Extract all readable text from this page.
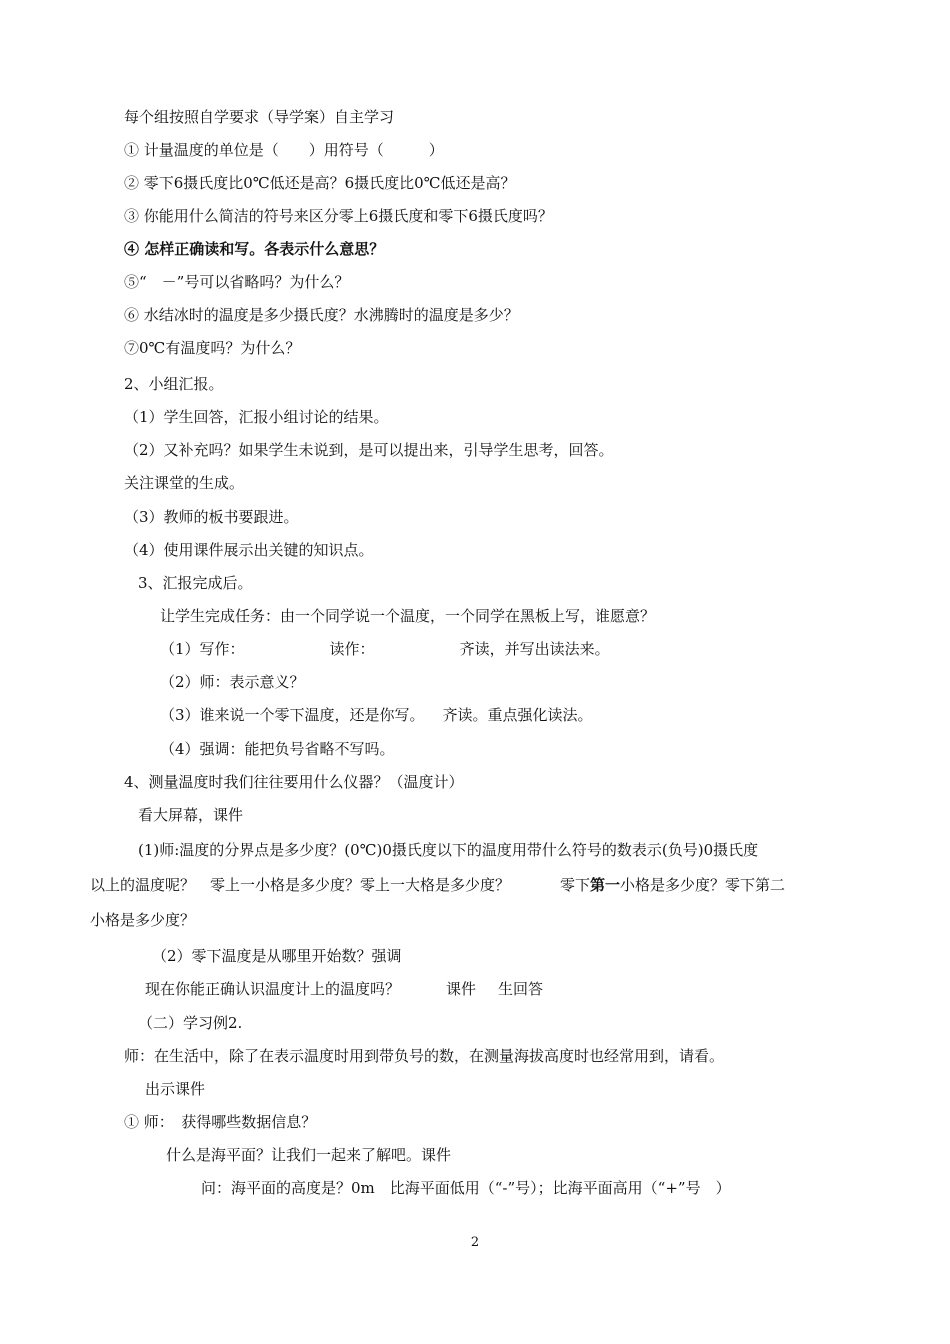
每个组按照自学要求（导学案）自主学习
① 计量温度的单位是（　　）用符号（　　　）
② 零下6摄氏度比0℃低还是高？6摄氏度比0℃低还是高？
③ 你能用什么简洁的符号来区分零上6摄氏度和零下6摄氏度吗？
④ 怎样正确读和写。各表示什么意思？
⑤“　－”号可以省略吗？为什么？
⑥ 水结冰时的温度是多少摄氏度？水沸腾时的温度是多少？
⑦0℃有温度吗？为什么？
2、小组汇报。
（1）学生回答，汇报小组讨论的结果。
（2）又补充吗？如果学生未说到，是可以提出来，引导学生思考，回答。
关注课堂的生成。
（3）教师的板书要跟进。
（4）使用课件展示出关键的知识点。
3、汇报完成后。
让学生完成任务：由一个同学说一个温度，一个同学在黑板上写，谁愿意？
（1）写作：	读作：	齐读，并写出读法来。
（2）师：表示意义？
（3）谁来说一个零下温度，还是你写。 齐读。重点强化读法。
（4）强调：能把负号省略不写吗。
4、测量温度时我们往往要用什么仪器？（温度计）
看大屏幕，课件
(1)师:温度的分界点是多少度？(0℃)0摄氏度以下的温度用带什么符号的数表示(负号)0摄氏度
以上的温度呢？　零上一小格是多少度？零上一大格是多少度？	零下第一小格是多少度？零下第二
小格是多少度？
（2）零下温度是从哪里开始数？强调
现在你能正确认识温度计上的温度吗？	课件 生回答
（二）学习例2.
师：在生活中，除了在表示温度时用到带负号的数，在测量海拔高度时也经常用到，请看。
出示课件
① 师：　获得哪些数据信息？
什么是海平面？让我们一起来了解吧。课件
问：海平面的高度是？0m　比海平面低用（“-”号）；比海平面高用（“+”号　）
2
